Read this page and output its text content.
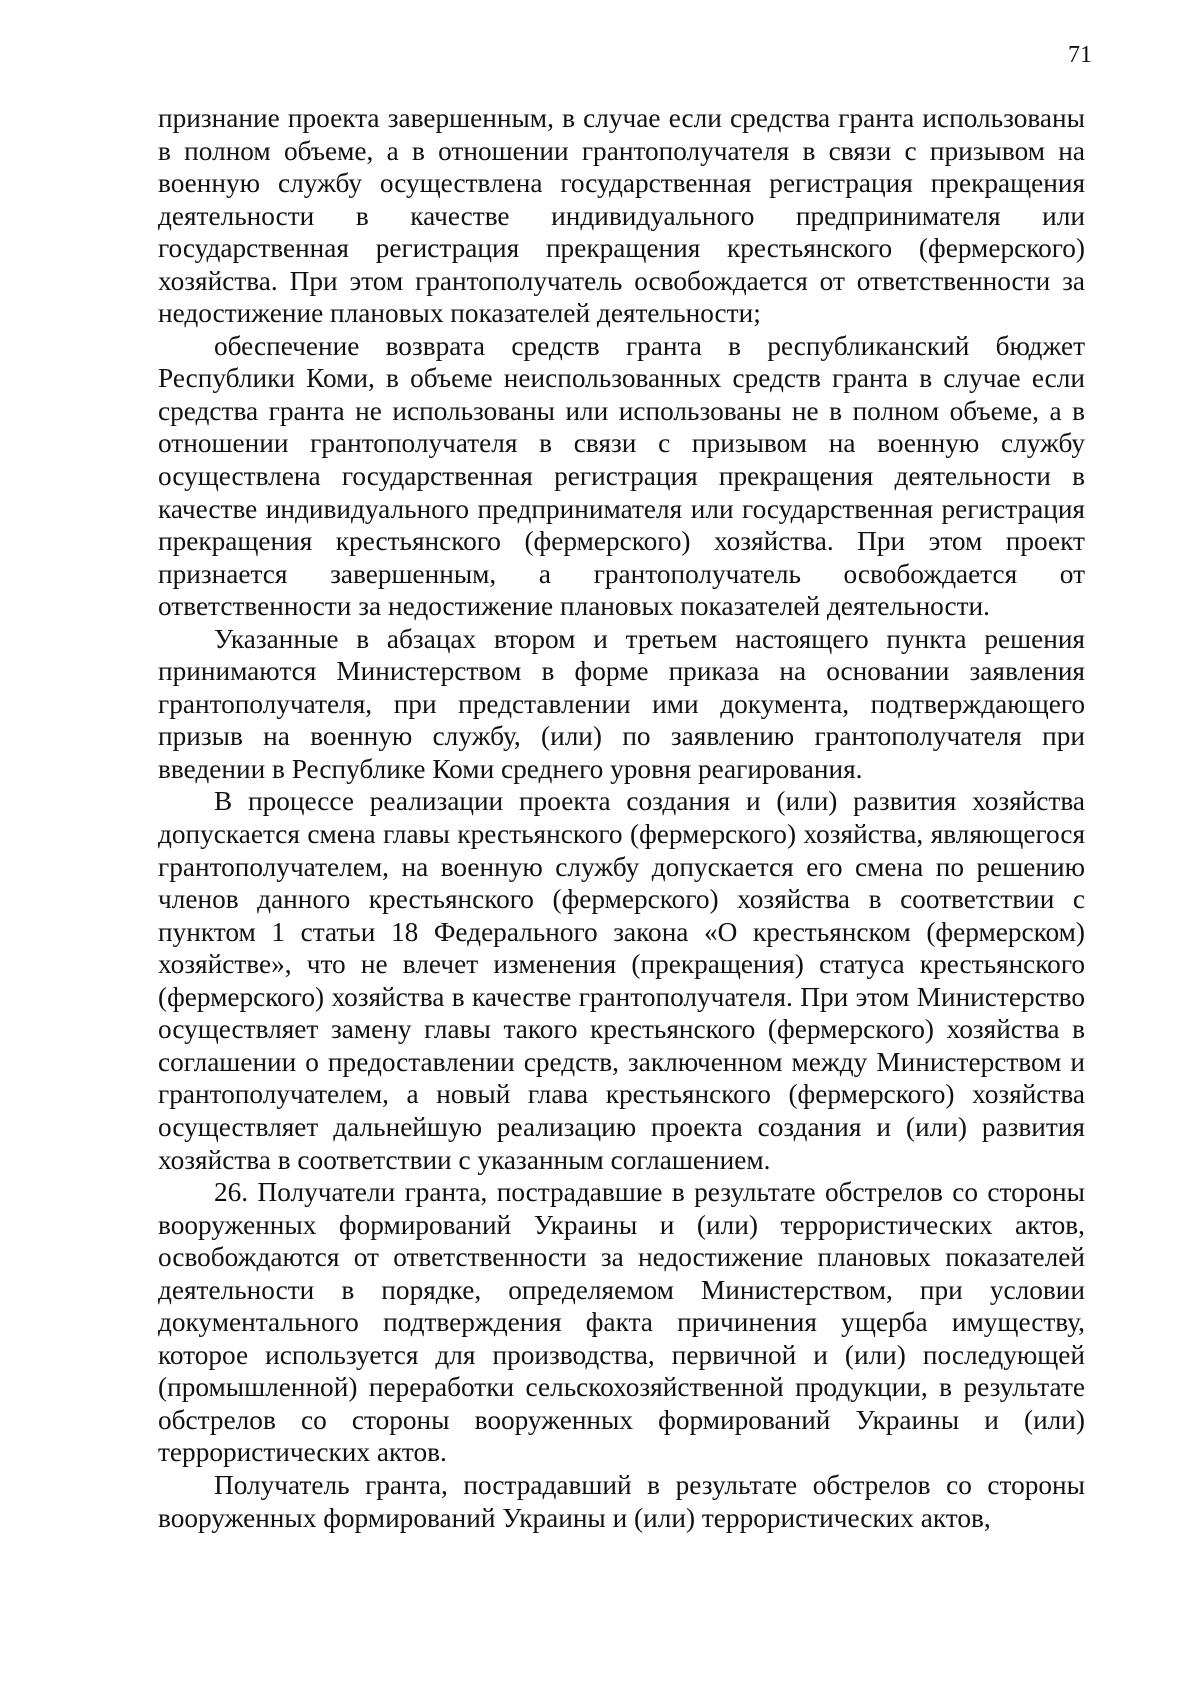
71

признание проекта завершенным, в случае если средства гранта использованы в полном объеме, а в отношении грантополучателя в связи с призывом на военную службу осуществлена государственная регистрация прекращения деятельности в качестве индивидуального предпринимателя или государственная регистрация прекращения крестьянского (фермерского) хозяйства. При этом грантополучатель освобождается от ответственности за недостижение плановых показателей деятельности;

обеспечение возврата средств гранта в республиканский бюджет Республики Коми, в объеме неиспользованных средств гранта в случае если средства гранта не использованы или использованы не в полном объеме, а в отношении грантополучателя в связи с призывом на военную службу осуществлена государственная регистрация прекращения деятельности в качестве индивидуального предпринимателя или государственная регистрация прекращения крестьянского (фермерского) хозяйства. При этом проект признается завершенным, а грантополучатель освобождается от ответственности за недостижение плановых показателей деятельности.

Указанные в абзацах втором и третьем настоящего пункта решения принимаются Министерством в форме приказа на основании заявления грантополучателя, при представлении ими документа, подтверждающего призыв на военную службу, (или) по заявлению грантополучателя при введении в Республике Коми среднего уровня реагирования.

В процессе реализации проекта создания и (или) развития хозяйства допускается смена главы крестьянского (фермерского) хозяйства, являющегося грантополучателем, на военную службу допускается его смена по решению членов данного крестьянского (фермерского) хозяйства в соответствии с пунктом 1 статьи 18 Федерального закона «О крестьянском (фермерском) хозяйстве», что не влечет изменения (прекращения) статуса крестьянского (фермерского) хозяйства в качестве грантополучателя. При этом Министерство осуществляет замену главы такого крестьянского (фермерского) хозяйства в соглашении о предоставлении средств, заключенном между Министерством и грантополучателем, а новый глава крестьянского (фермерского) хозяйства осуществляет дальнейшую реализацию проекта создания и (или) развития хозяйства в соответствии с указанным соглашением.

26. Получатели гранта, пострадавшие в результате обстрелов со стороны вооруженных формирований Украины и (или) террористических актов, освобождаются от ответственности за недостижение плановых показателей деятельности в порядке, определяемом Министерством, при условии документального подтверждения факта причинения ущерба имуществу, которое используется для производства, первичной и (или) последующей (промышленной) переработки сельскохозяйственной продукции, в результате обстрелов со стороны вооруженных формирований Украины и (или) террористических актов.

Получатель гранта, пострадавший в результате обстрелов со стороны вооруженных формирований Украины и (или) террористических актов,
